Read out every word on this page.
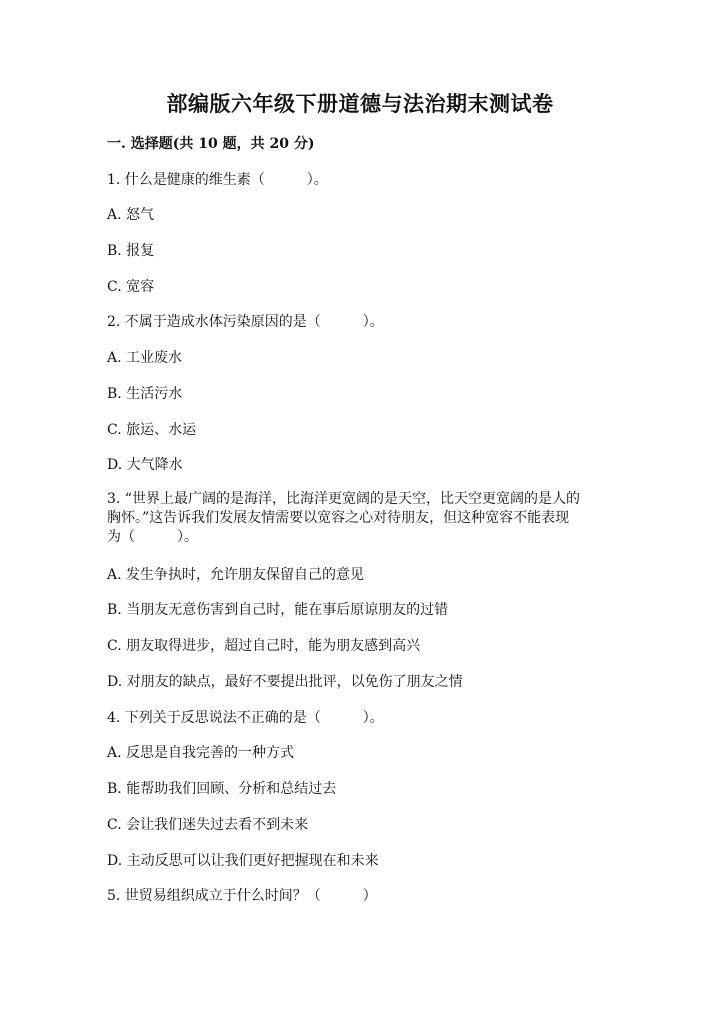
部编版六年级下册道德与法治期末测试卷
一. 选择题(共 10 题，共 20 分)
1. 什么是健康的维生素（　　　）。
A. 怒气
B. 报复
C. 宽容
2. 不属于造成水体污染原因的是（　　　）。
A. 工业废水
B. 生活污水
C. 旅运、水运
D. 大气降水
3. “世界上最广阔的是海洋，比海洋更宽阔的是天空，比天空更宽阔的是人的
胸怀。”这告诉我们发展友情需要以宽容之心对待朋友，但这种宽容不能表现
为（　　　）。
A. 发生争执时，允许朋友保留自己的意见
B. 当朋友无意伤害到自己时，能在事后原谅朋友的过错
C. 朋友取得进步，超过自己时，能为朋友感到高兴
D. 对朋友的缺点，最好不要提出批评，以免伤了朋友之情
4. 下列关于反思说法不正确的是（　　　）。
A. 反思是自我完善的一种方式
B. 能帮助我们回顾、分析和总结过去
C. 会让我们迷失过去看不到未来
D. 主动反思可以让我们更好把握现在和未来
5. 世贸易组织成立于什么时间？（　　　）
